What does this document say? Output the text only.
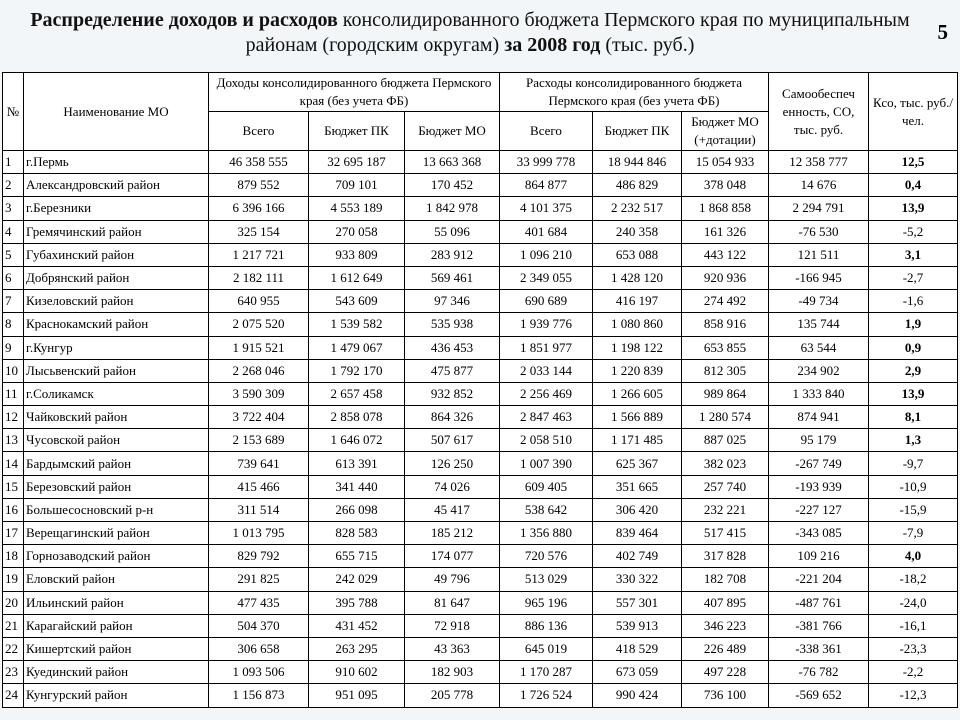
Распределение доходов и расходов консолидированного бюджета Пермского края по муниципальным районам (городским округам) за 2008 год (тыс. руб.)
5
№	Наименование МО	Доходы консолидированного бюджета Пермского края (без учета ФБ)			Расходы консолидированного бюджета Пермского края (без учета ФБ)			Самообеспеч енность, СО, тыс. руб.	Ксо, тыс. руб./чел.
		Всего	Бюджет ПК	Бюджет МО	Всего	Бюджет ПК	Бюджет МО (+дотации)		
1	г.Пермь	46 358 555	32 695 187	13 663 368	33 999 778	18 944 846	15 054 933	12 358 777	12,5
2	Александровский район	879 552	709 101	170 452	864 877	486 829	378 048	14 676	0,4
3	г.Березники	6 396 166	4 553 189	1 842 978	4 101 375	2 232 517	1 868 858	2 294 791	13,9
4	Гремячинский район	325 154	270 058	55 096	401 684	240 358	161 326	-76 530	-5,2
5	Губахинский район	1 217 721	933 809	283 912	1 096 210	653 088	443 122	121 511	3,1
6	Добрянский район	2 182 111	1 612 649	569 461	2 349 055	1 428 120	920 936	-166 945	-2,7
7	Кизеловский район	640 955	543 609	97 346	690 689	416 197	274 492	-49 734	-1,6
8	Краснокамский район	2 075 520	1 539 582	535 938	1 939 776	1 080 860	858 916	135 744	1,9
9	г.Кунгур	1 915 521	1 479 067	436 453	1 851 977	1 198 122	653 855	63 544	0,9
10	Лысьвенский район	2 268 046	1 792 170	475 877	2 033 144	1 220 839	812 305	234 902	2,9
11	г.Соликамск	3 590 309	2 657 458	932 852	2 256 469	1 266 605	989 864	1 333 840	13,9
12	Чайковский район	3 722 404	2 858 078	864 326	2 847 463	1 566 889	1 280 574	874 941	8,1
13	Чусовской район	2 153 689	1 646 072	507 617	2 058 510	1 171 485	887 025	95 179	1,3
14	Бардымский район	739 641	613 391	126 250	1 007 390	625 367	382 023	-267 749	-9,7
15	Березовский район	415 466	341 440	74 026	609 405	351 665	257 740	-193 939	-10,9
16	Большесосновский р-н	311 514	266 098	45 417	538 642	306 420	232 221	-227 127	-15,9
17	Верещагинский район	1 013 795	828 583	185 212	1 356 880	839 464	517 415	-343 085	-7,9
18	Горнозаводский район	829 792	655 715	174 077	720 576	402 749	317 828	109 216	4,0
19	Еловский район	291 825	242 029	49 796	513 029	330 322	182 708	-221 204	-18,2
20	Ильинский район	477 435	395 788	81 647	965 196	557 301	407 895	-487 761	-24,0
21	Карагайский район	504 370	431 452	72 918	886 136	539 913	346 223	-381 766	-16,1
22	Кишертский район	306 658	263 295	43 363	645 019	418 529	226 489	-338 361	-23,3
23	Куединский район	1 093 506	910 602	182 903	1 170 287	673 059	497 228	-76 782	-2,2
24	Кунгурский район	1 156 873	951 095	205 778	1 726 524	990 424	736 100	-569 652	-12,3
